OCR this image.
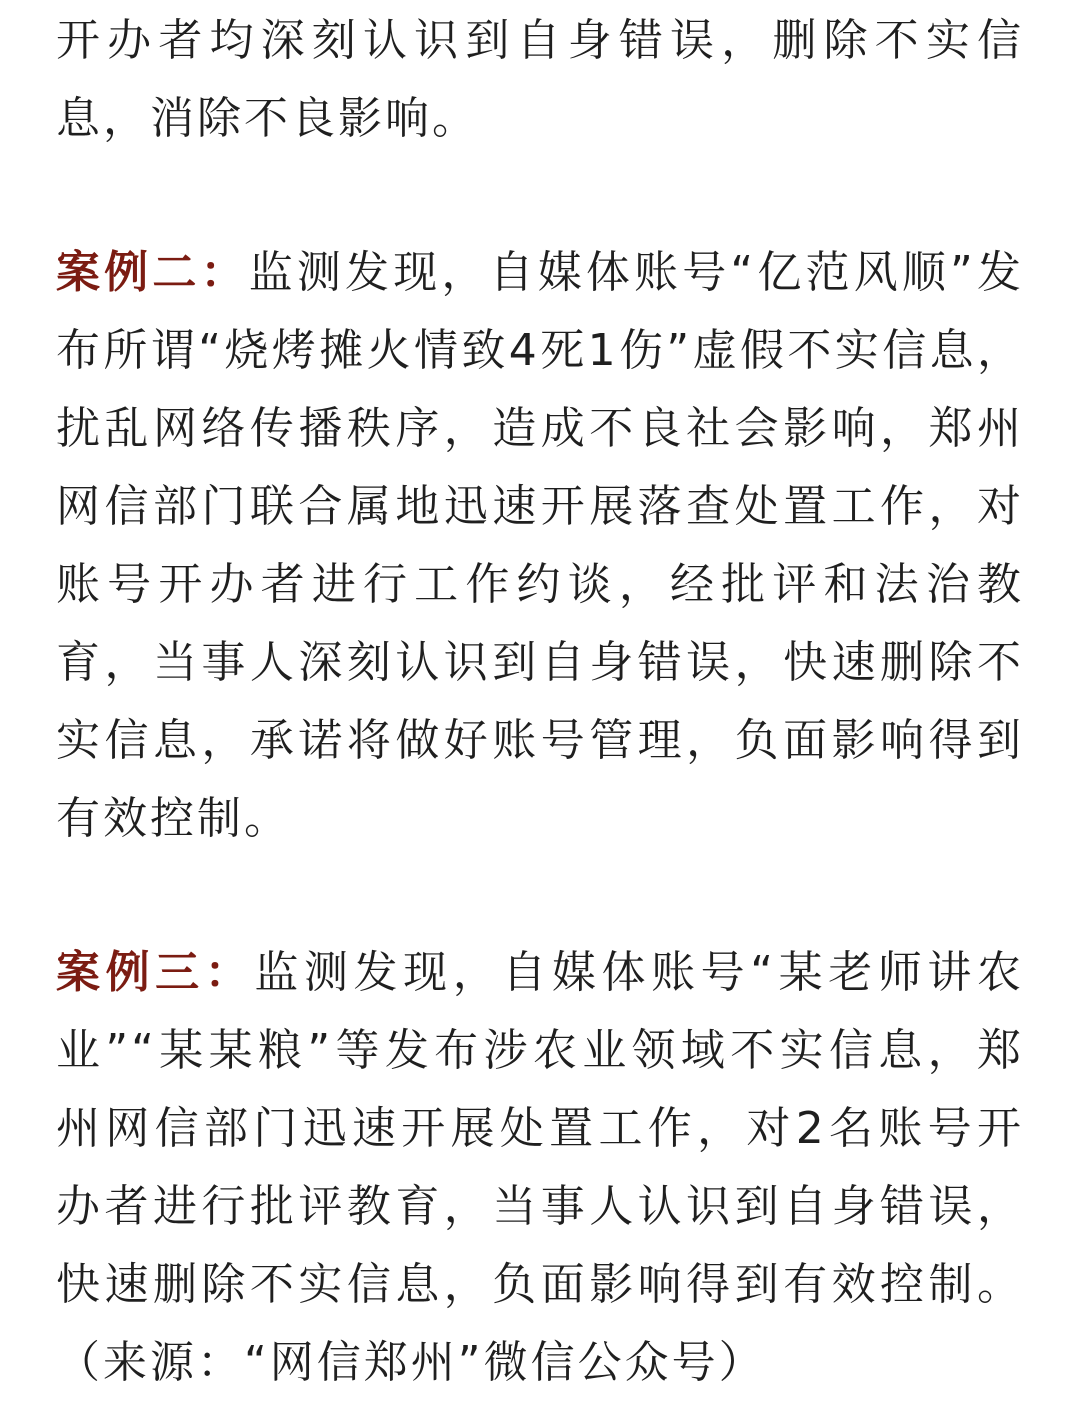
开办者均深刻认识到自身错误，删除不实信息，消除不良影响。

案例二：监测发现，自媒体账号“亿范风顺”发布所谓“烧烤摊火情致4死1伤”虚假不实信息，扰乱网络传播秩序，造成不良社会影响，郑州网信部门联合属地迅速开展落查处置工作，对账号开办者进行工作约谈，经批评和法治教育，当事人深刻认识到自身错误，快速删除不实信息，承诺将做好账号管理，负面影响得到有效控制。

案例三：监测发现，自媒体账号“某老师讲农业”“某某粮”等发布涉农业领域不实信息，郑州网信部门迅速开展处置工作，对2名账号开办者进行批评教育，当事人认识到自身错误，快速删除不实信息，负面影响得到有效控制。（来源：“网信郑州”微信公众号）
